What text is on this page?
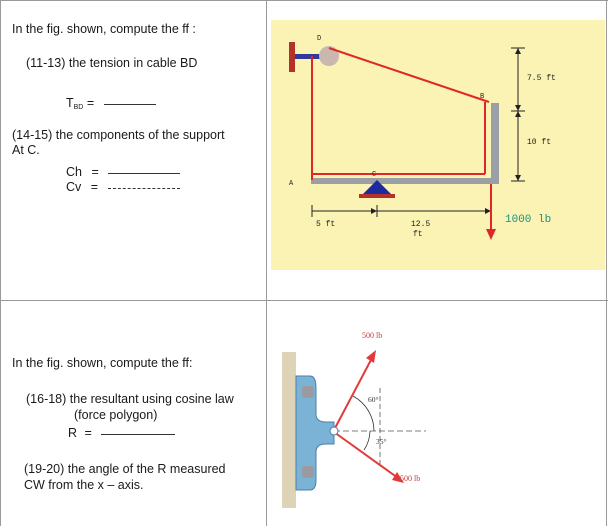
In the fig. shown, compute the ff :
(11-13) the tension in cable BD
$T_{BD}$ =
(14-15) the components of the support
At C.
Ch =
Cv =
D
B
A
C
7.5 ft
10 ft
5 ft	12.5
ft
1000 lb
In the fig. shown, compute the ff:
(16-18) the resultant using cosine law
(force polygon)
R =
(19-20) the angle of the R measured
CW from the x – axis.
500 lb
60°
35°
500 lb
